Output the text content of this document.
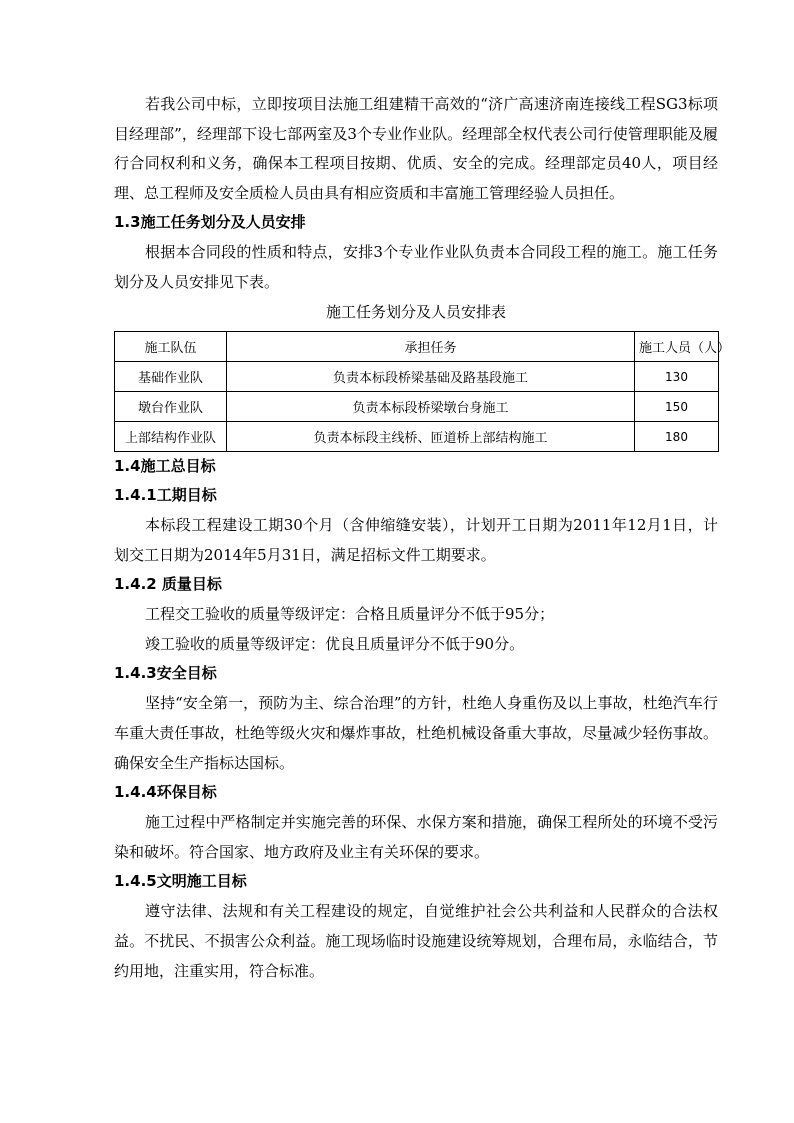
若我公司中标，立即按项目法施工组建精干高效的“济广高速济南连接线工程SG3标项目经理部”，经理部下设七部两室及3个专业作业队。经理部全权代表公司行使管理职能及履行合同权利和义务，确保本工程项目按期、优质、安全的完成。经理部定员40人，项目经理、总工程师及安全质检人员由具有相应资质和丰富施工管理经验人员担任。

1.3施工任务划分及人员安排

根据本合同段的性质和特点，安排3个专业作业队负责本合同段工程的施工。施工任务划分及人员安排见下表。

施工任务划分及人员安排表
施工队伍	承担任务	施工人员（人）
基础作业队	负责本标段桥梁基础及路基段施工	130
墩台作业队	负责本标段桥梁墩台身施工	150
上部结构作业队	负责本标段主线桥、匝道桥上部结构施工	180
1.4施工总目标
1.4.1工期目标

本标段工程建设工期30个月（含伸缩缝安装），计划开工日期为2011年12月1日，计划交工日期为2014年5月31日，满足招标文件工期要求。

1.4.2 质量目标

工程交工验收的质量等级评定：合格且质量评分不低于95分；

竣工验收的质量等级评定：优良且质量评分不低于90分。

1.4.3安全目标

坚持“安全第一，预防为主、综合治理”的方针，杜绝人身重伤及以上事故，杜绝汽车行车重大责任事故，杜绝等级火灾和爆炸事故，杜绝机械设备重大事故，尽量减少轻伤事故。确保安全生产指标达国标。

1.4.4环保目标

施工过程中严格制定并实施完善的环保、水保方案和措施，确保工程所处的环境不受污染和破坏。符合国家、地方政府及业主有关环保的要求。

1.4.5文明施工目标

遵守法律、法规和有关工程建设的规定，自觉维护社会公共利益和人民群众的合法权益。不扰民、不损害公众利益。施工现场临时设施建设统筹规划，合理布局，永临结合，节约用地，注重实用，符合标准。
